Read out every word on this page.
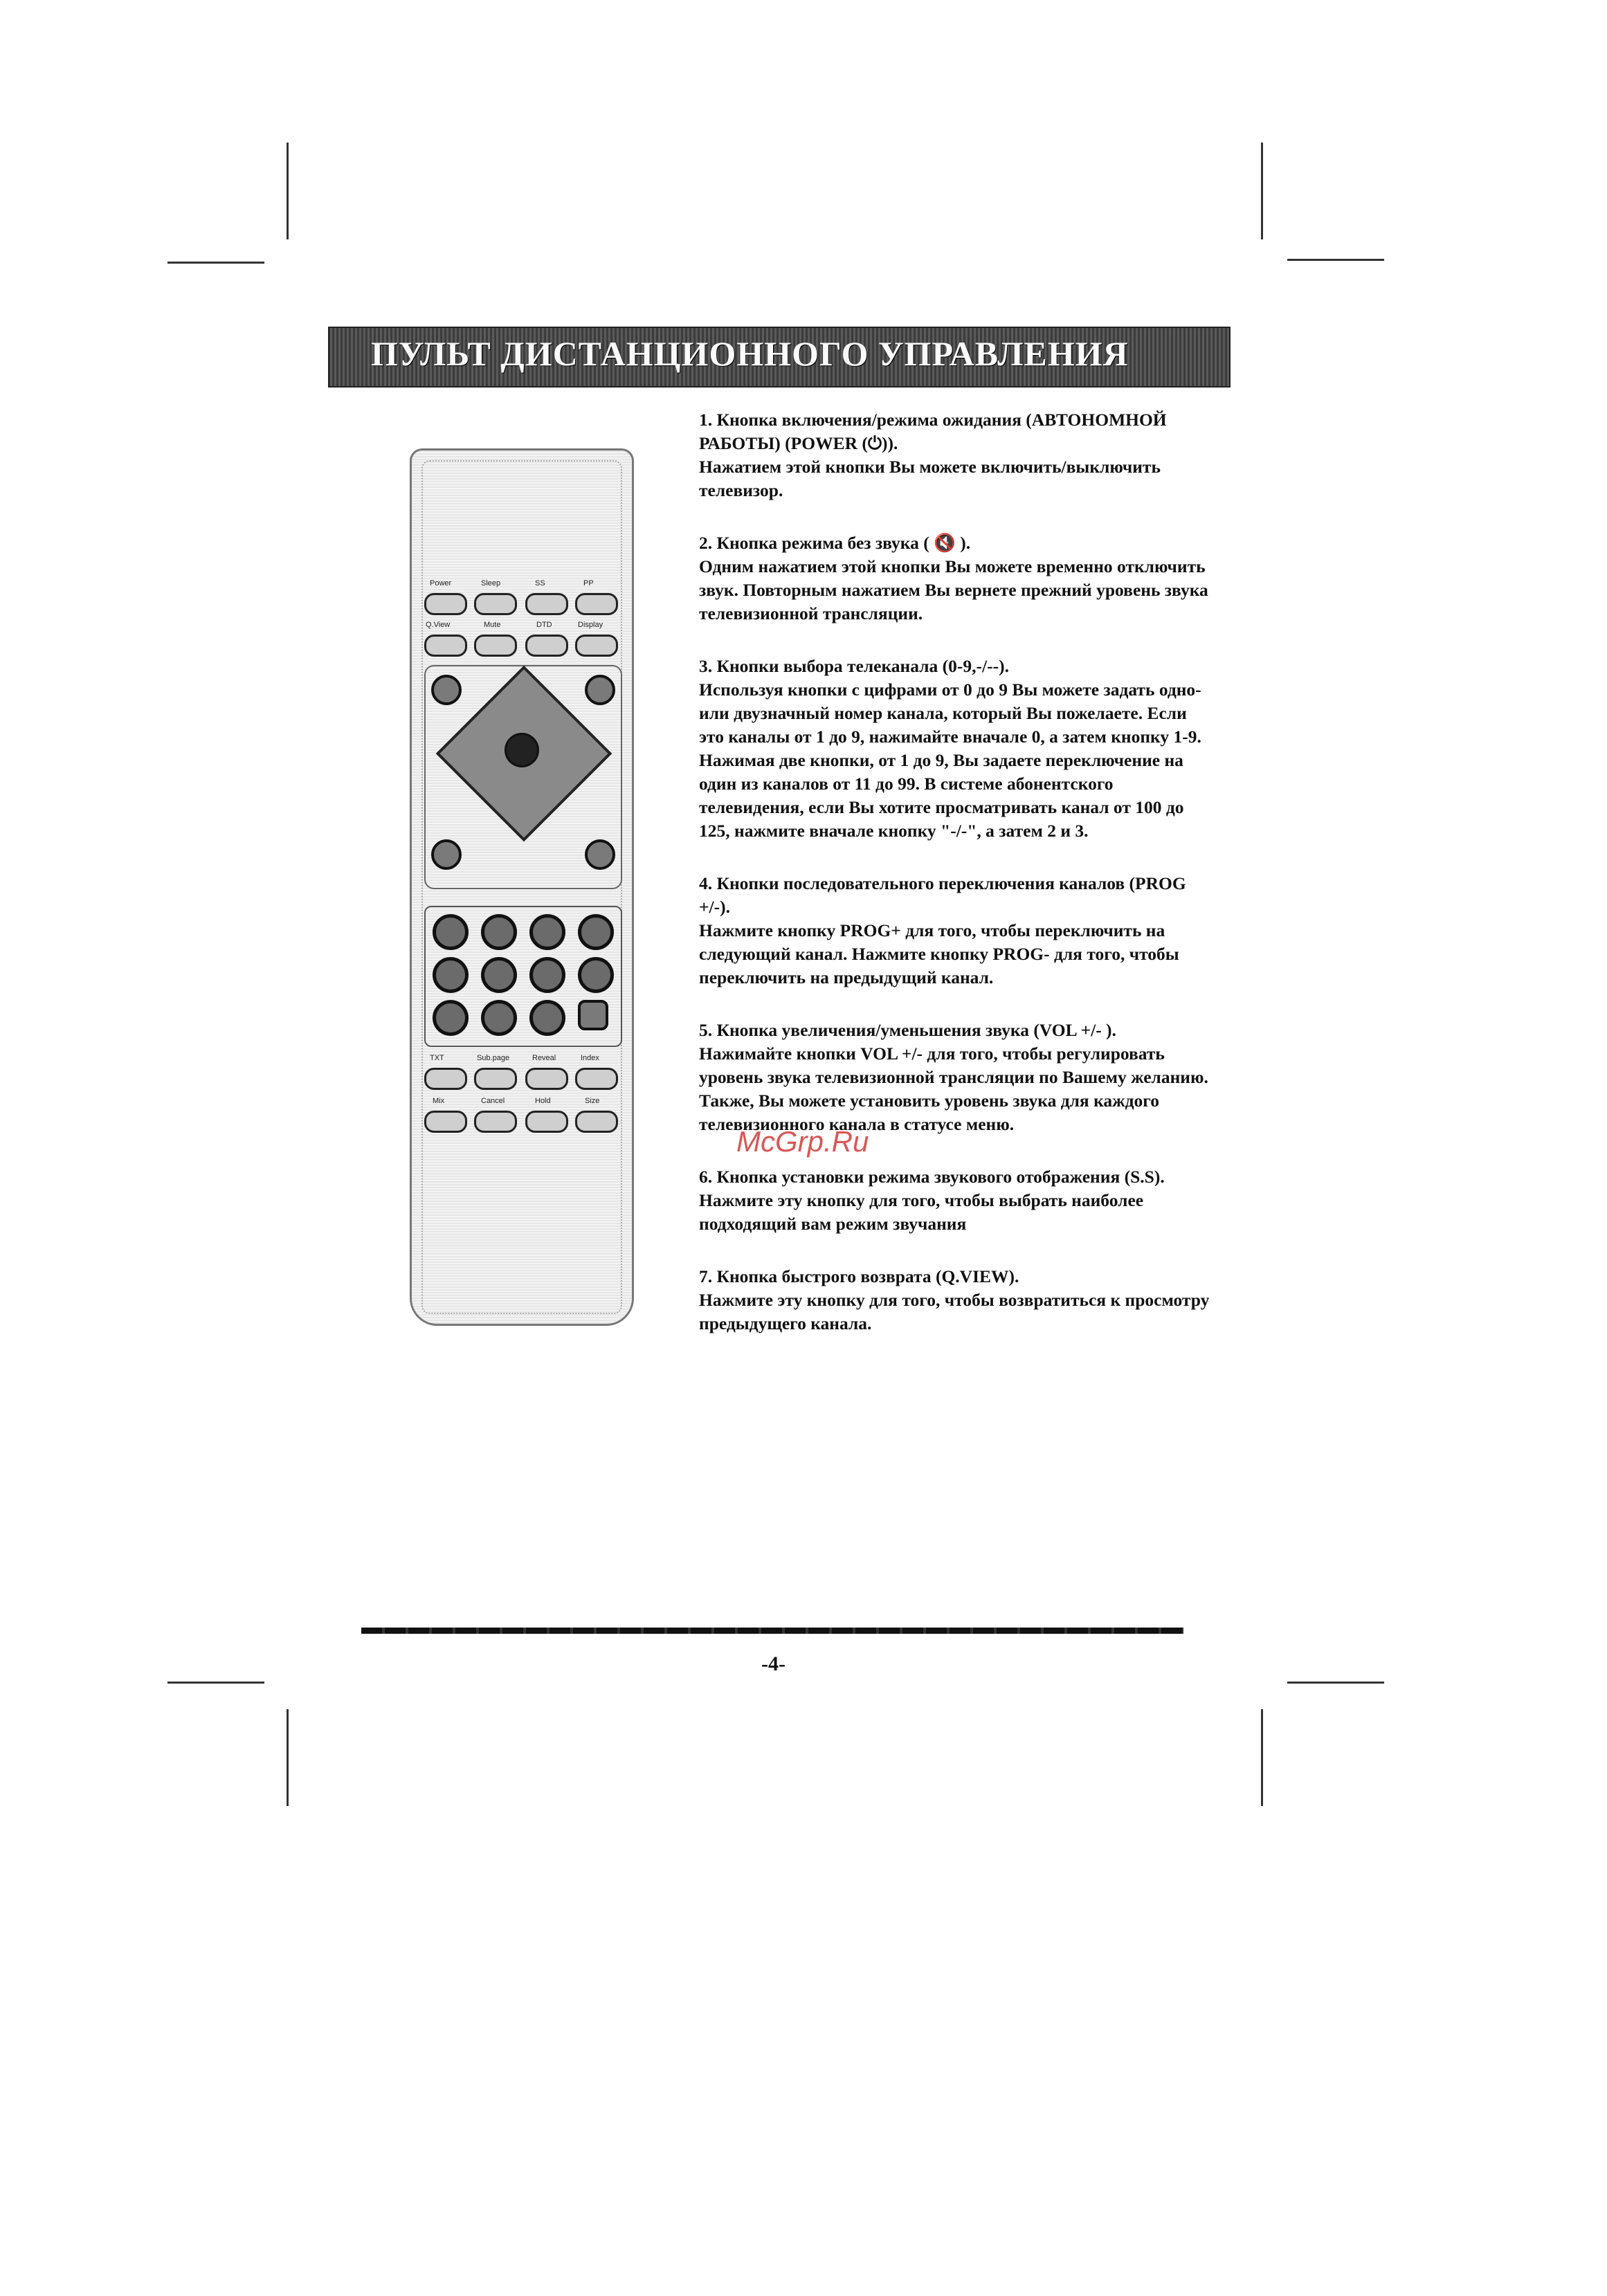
ПУЛЬТ ДИСТАНЦИОННОГО УПРАВЛЕНИЯ
Power	Sleep	SS	PP
Q.View	Mute	DTD	Display
TXT	Sub.page	Reveal	Index
Mix	Cancel	Hold	Size
1. Кнопка включения/режима ожидания (АВТОНОМНОЙ РАБОТЫ) (POWER (⏻)).

Нажатием этой кнопки Вы можете включить/выключить телевизор.

2. Кнопка режима без звука ( 🔇 ).

Одним нажатием этой кнопки Вы можете временно отключить звук. Повторным нажатием Вы вернете прежний уровень звука телевизионной трансляции.

3. Кнопки выбора телеканала (0-9,-/--).

Используя кнопки с цифрами от 0 до 9 Вы можете задать одно- или двузначный номер канала, который Вы пожелаете. Если это каналы от 1 до 9, нажимайте вначале 0, а затем кнопку 1-9. Нажимая две кнопки, от 1 до 9, Вы задаете переключение на один из каналов от 11 до 99. В системе абонентского телевидения, если Вы хотите просматривать канал от 100 до 125, нажмите вначале кнопку "-/-", а затем 2 и 3.

4. Кнопки последовательного переключения каналов (PROG +/-).

Нажмите кнопку PROG+ для того, чтобы переключить на следующий канал. Нажмите кнопку PROG- для того, чтобы переключить на предыдущий канал.

5. Кнопка увеличения/уменьшения звука (VOL +/- ).

Нажимайте кнопки VOL +/- для того, чтобы регулировать уровень звука телевизионной трансляции по Вашему желанию. Также, Вы можете установить уровень звука для каждого телевизионного канала в статусе меню.

6. Кнопка установки режима звукового отображения (S.S).

Нажмите эту кнопку для того, чтобы выбрать наиболее подходящий вам режим звучания

7. Кнопка быстрого возврата (Q.VIEW).

Нажмите эту кнопку для того, чтобы возвратиться к просмотру предыдущего канала.

McGrp.Ru
-4-
